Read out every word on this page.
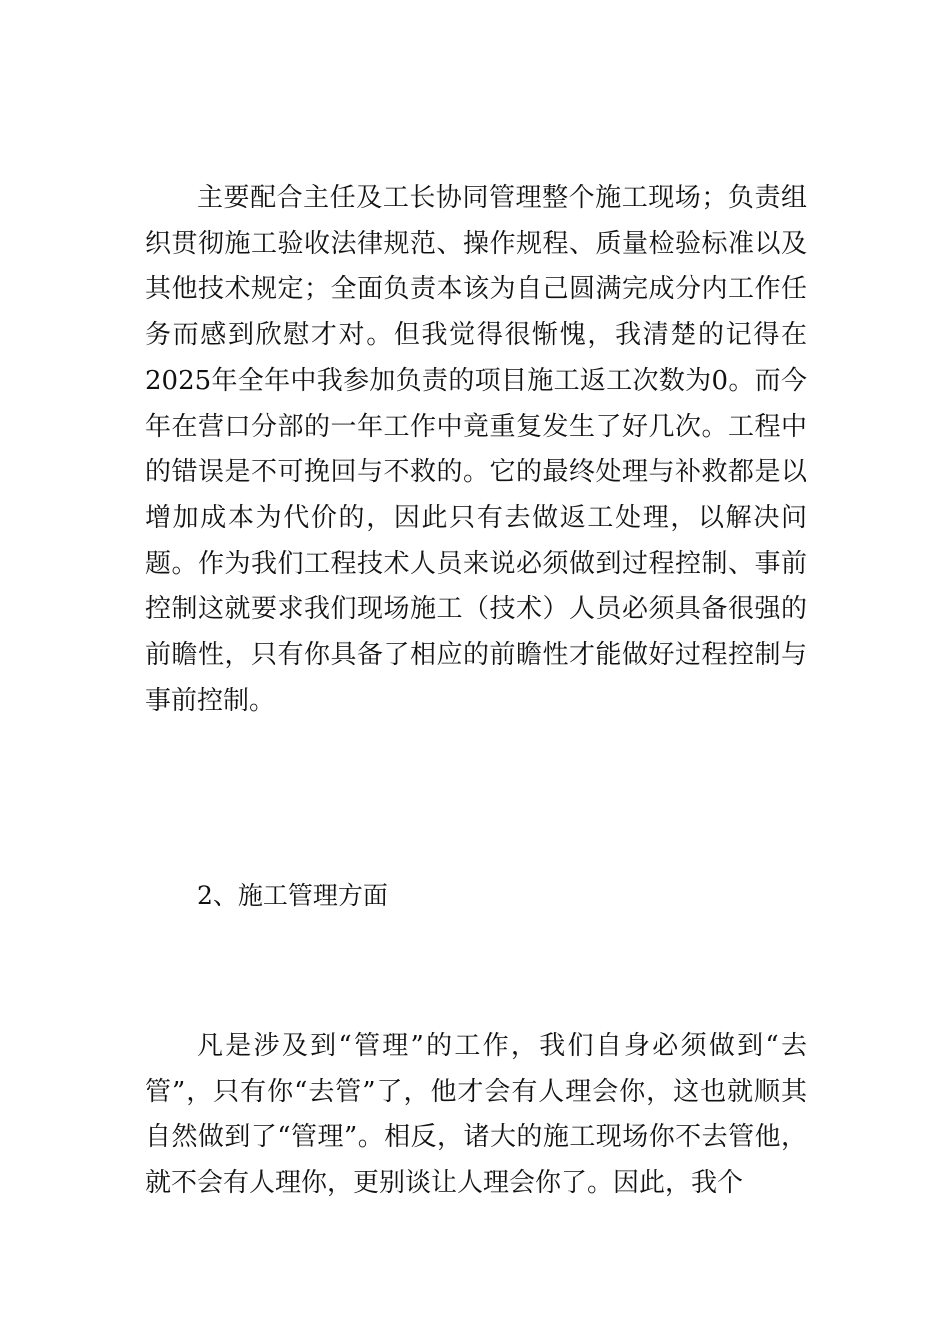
主要配合主任及工长协同管理整个施工现场；负责组织贯彻施工验收法律规范、操作规程、质量检验标准以及其他技术规定；全面负责本该为自己圆满完成分内工作任务而感到欣慰才对。但我觉得很惭愧，我清楚的记得在2025年全年中我参加负责的项目施工返工次数为0。而今年在营口分部的一年工作中竟重复发生了好几次。工程中的错误是不可挽回与不救的。它的最终处理与补救都是以增加成本为代价的，因此只有去做返工处理，以解决问题。作为我们工程技术人员来说必须做到过程控制、事前控制这就要求我们现场施工（技术）人员必须具备很强的前瞻性，只有你具备了相应的前瞻性才能做好过程控制与事前控制。

2、施工管理方面

凡是涉及到“管理”的工作，我们自身必须做到“去管”，只有你“去管”了，他才会有人理会你，这也就顺其自然做到了“管理”。相反，诸大的施工现场你不去管他，就不会有人理你，更别谈让人理会你了。因此，我个
